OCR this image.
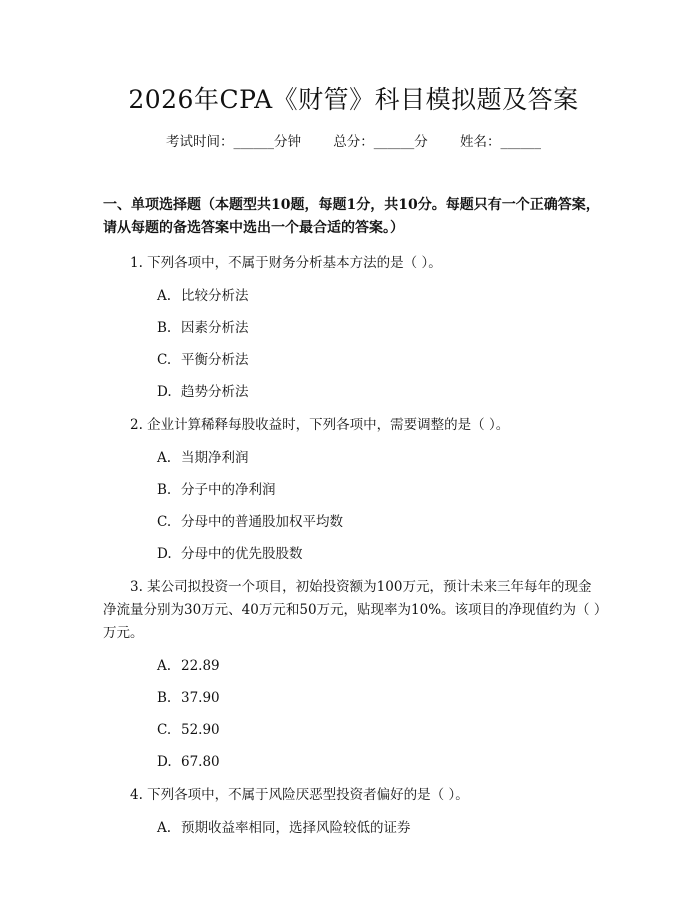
2026年CPA《财管》科目模拟题及答案
考试时间：______分钟 总分：______分 姓名：______
一、单项选择题（本题型共10题，每题1分，共10分。每题只有一个正确答案，请从每题的备选答案中选出一个最合适的答案。）
1. 下列各项中，不属于财务分析基本方法的是（ ）。
A. 比较分析法
B. 因素分析法
C. 平衡分析法
D. 趋势分析法
2. 企业计算稀释每股收益时，下列各项中，需要调整的是（ ）。
A. 当期净利润
B. 分子中的净利润
C. 分母中的普通股加权平均数
D. 分母中的优先股股数
3. 某公司拟投资一个项目，初始投资额为100万元，预计未来三年每年的现金净流量分别为30万元、40万元和50万元，贴现率为10%。该项目的净现值约为（ ）万元。
A. 22.89
B. 37.90
C. 52.90
D. 67.80
4. 下列各项中，不属于风险厌恶型投资者偏好的是（ ）。
A. 预期收益率相同，选择风险较低的证券
